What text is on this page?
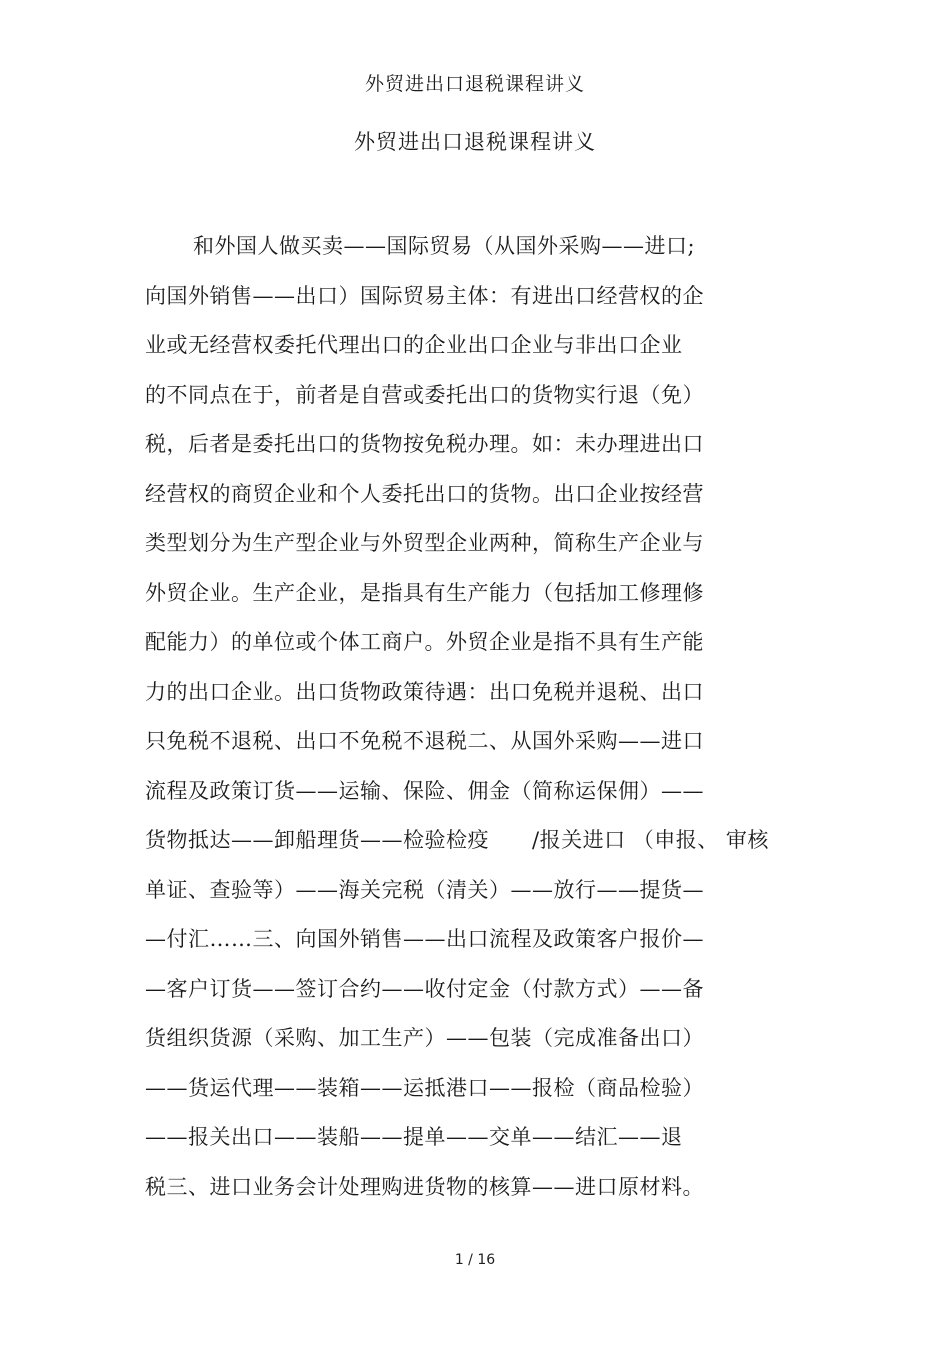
外贸进出口退税课程讲义
外贸进出口退税课程讲义
和外国人做买卖——国际贸易（从国外采购——进口;
向国外销售——出口）国际贸易主体：有进出口经营权的企
业或无经营权委托代理出口的企业出口企业与非出口企业
的不同点在于，前者是自营或委托出口的货物实行退（免）
税，后者是委托出口的货物按免税办理。如：未办理进出口
经营权的商贸企业和个人委托出口的货物。出口企业按经营
类型划分为生产型企业与外贸型企业两种，简称生产企业与
外贸企业。生产企业，是指具有生产能力（包括加工修理修
配能力）的单位或个体工商户。外贸企业是指不具有生产能
力的出口企业。出口货物政策待遇：出口免税并退税、出口
只免税不退税、出口不免税不退税二、从国外采购——进口
流程及政策订货——运输、保险、佣金（简称运保佣）——
货物抵达——卸船理货——检验检疫　　/报关进口 （申报、 审核
单证、查验等）——海关完税（清关）——放行——提货—
—付汇……三、向国外销售——出口流程及政策客户报价—
—客户订货——签订合约——收付定金（付款方式）——备
货组织货源（采购、加工生产）——包装（完成准备出口）
——货运代理——装箱——运抵港口——报检（商品检验）
——报关出口——装船——提单——交单——结汇——退
税三、进口业务会计处理购进货物的核算——进口原材料。
1 / 16
